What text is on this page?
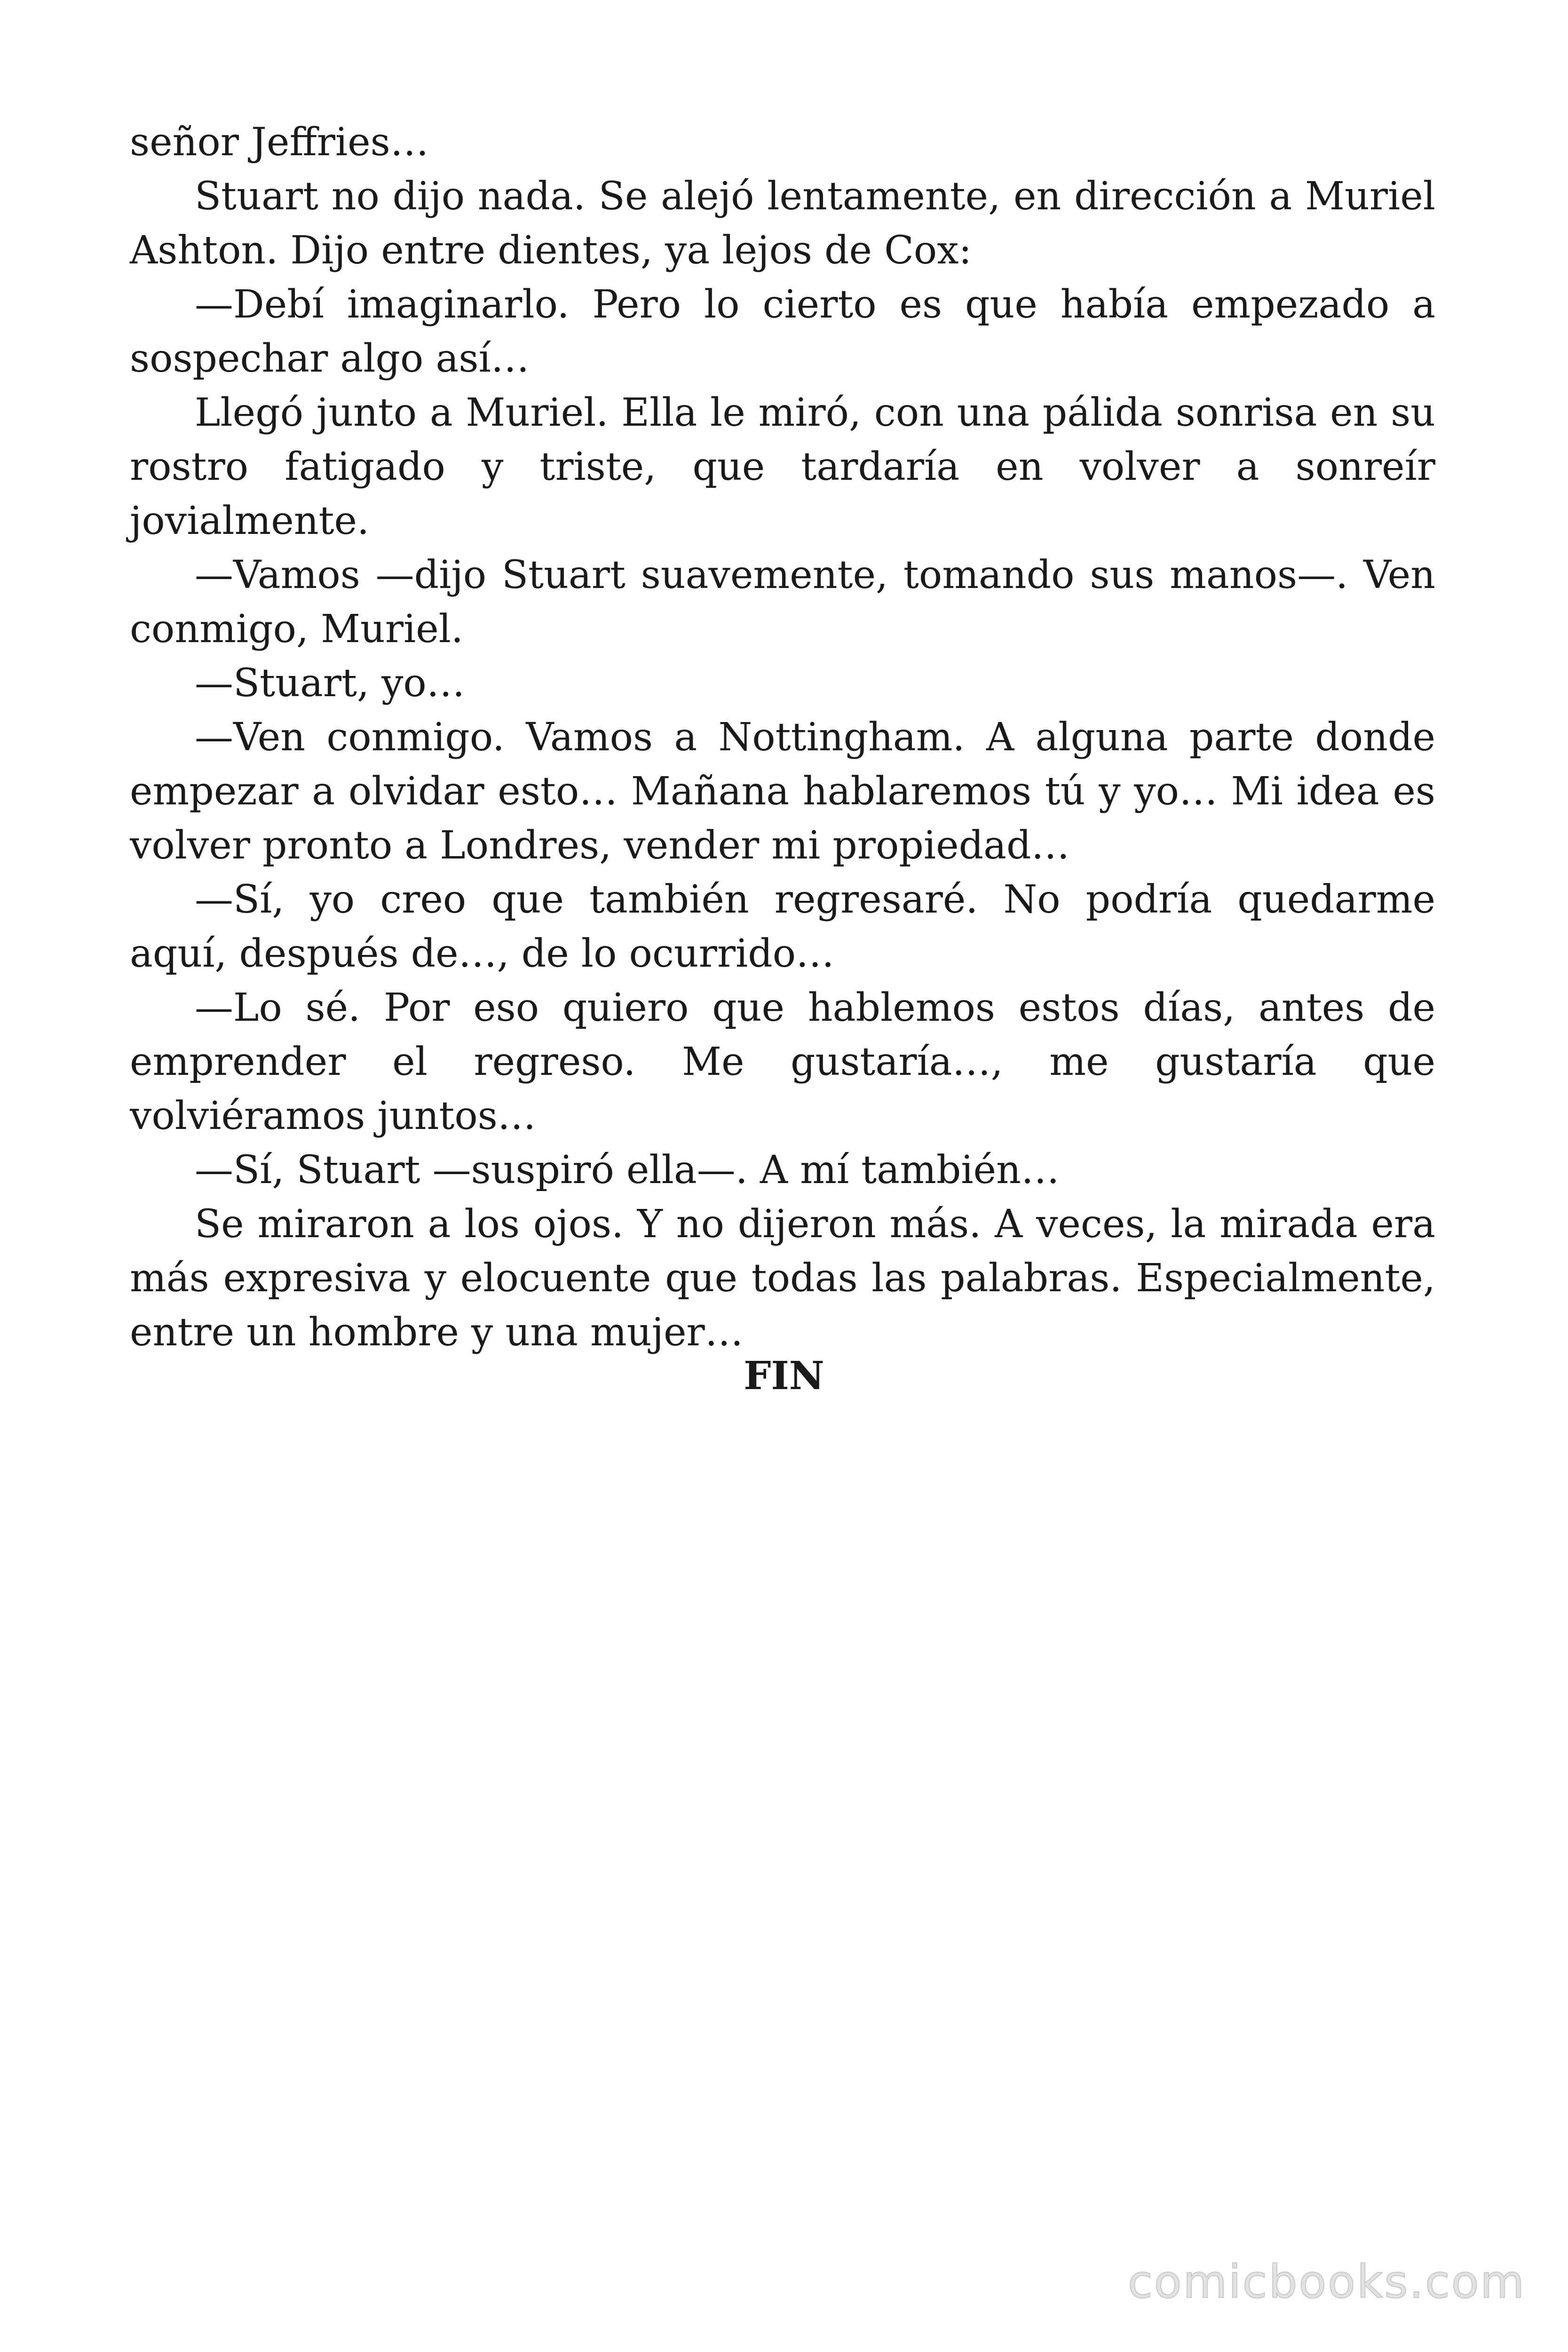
señor Jeffries…

Stuart no dijo nada. Se alejó lentamente, en dirección a Muriel Ashton. Dijo entre dientes, ya lejos de Cox:

—Debí imaginarlo. Pero lo cierto es que había empezado a sospechar algo así…

Llegó junto a Muriel. Ella le miró, con una pálida sonrisa en su rostro fatigado y triste, que tardaría en volver a sonreír jovialmente.

—Vamos —dijo Stuart suavemente, tomando sus manos—. Ven conmigo, Muriel.

—Stuart, yo…

—Ven conmigo. Vamos a Nottingham. A alguna parte donde empezar a olvidar esto… Mañana hablaremos tú y yo… Mi idea es volver pronto a Londres, vender mi propiedad…

—Sí, yo creo que también regresaré. No podría quedarme aquí, después de…, de lo ocurrido…

—Lo sé. Por eso quiero que hablemos estos días, antes de emprender el regreso. Me gustaría…, me gustaría que volviéramos juntos…

—Sí, Stuart —suspiró ella—. A mí también…

Se miraron a los ojos. Y no dijeron más. A veces, la mirada era más expresiva y elocuente que todas las palabras. Especialmente, entre un hombre y una mujer…

FIN
comicbooks.com
